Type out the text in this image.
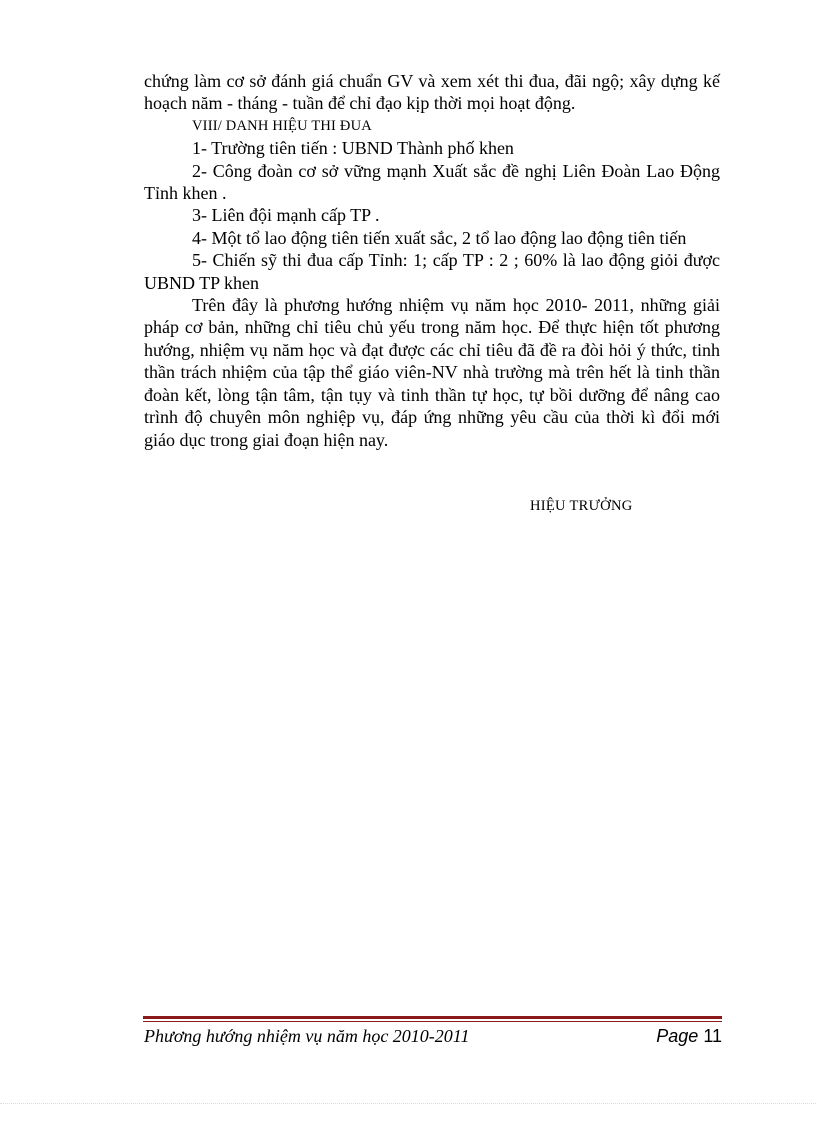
chứng làm cơ sở đánh giá chuẩn GV và xem xét thi đua, đãi ngộ; xây dựng kế hoạch năm - tháng - tuần để chỉ đạo kịp thời mọi hoạt động.

VIII/ DANH HIỆU THI ĐUA

1- Trường tiên tiến : UBND Thành phố khen

2- Công đoàn cơ sở vững mạnh Xuất sắc đề nghị Liên Đoàn Lao Động Tỉnh khen .

3- Liên đội mạnh cấp TP .

4- Một tổ lao động tiên tiến xuất sắc, 2 tổ lao động lao động tiên tiến

5- Chiến sỹ thi đua cấp Tỉnh: 1; cấp TP : 2 ; 60% là lao động giỏi được UBND TP khen

Trên đây là phương hướng nhiệm vụ năm học 2010- 2011, những giải pháp cơ bản, những chỉ tiêu chủ yếu trong năm học. Để thực hiện tốt phương hướng, nhiệm vụ năm học và đạt được các chỉ tiêu đã đề ra đòi hỏi ý thức, tinh thần trách nhiệm của tập thể giáo viên-NV nhà trường mà trên hết là tinh thần đoàn kết, lòng tận tâm, tận tụy và tinh thần tự học, tự bồi dưỡng để nâng cao trình độ chuyên môn nghiệp vụ, đáp ứng những yêu cầu của thời kì đổi mới giáo dục trong giai đoạn hiện nay.

HIỆU TRƯỞNG
Phương hướng nhiệm vụ năm học 2010-2011	Page 11
